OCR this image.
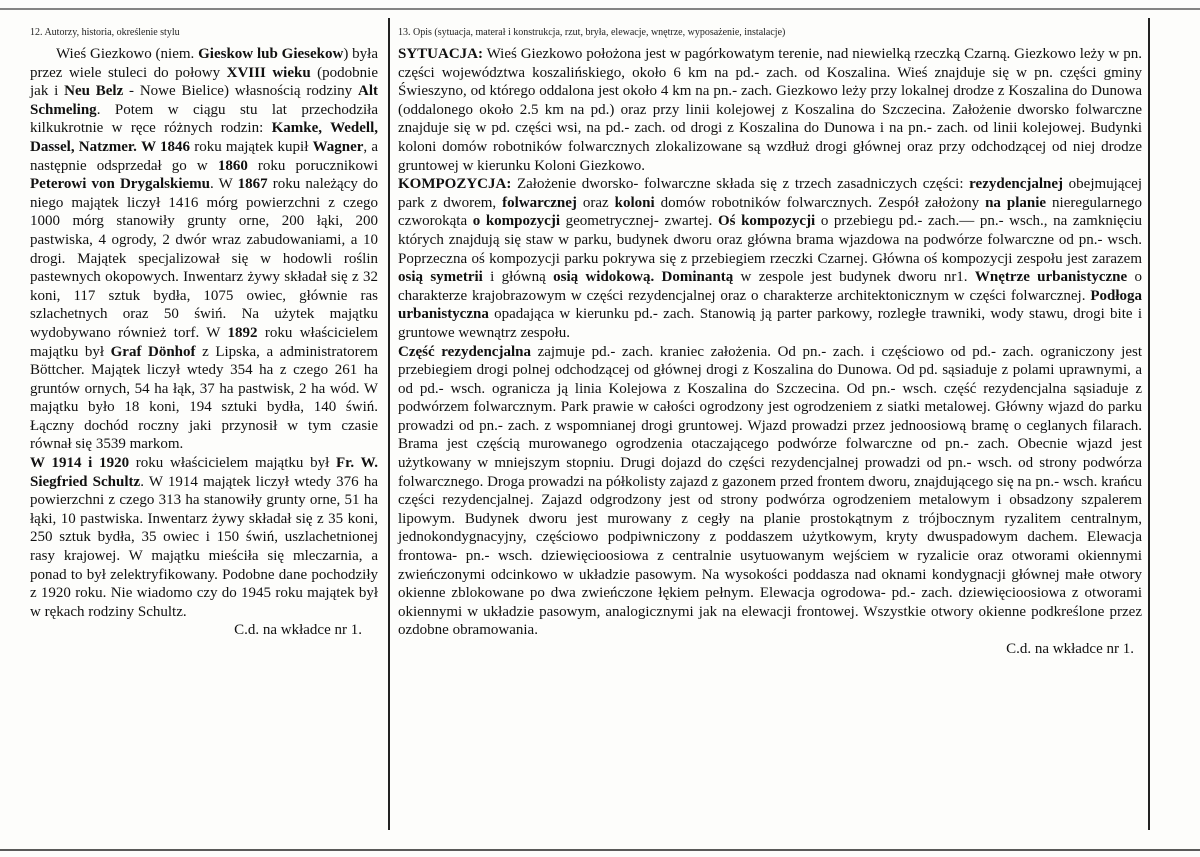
12. Autorzy, historia, określenie stylu	13. Opis (sytuacja, materał i konstrukcja, rzut, bryła, elewacje, wnętrze, wyposażenie, instalacje)

Wieś Giezkowo (niem. Gieskow lub Giesekow) była przez wiele stuleci do połowy XVIII wieku (podobnie jak i Neu Belz - Nowe Bielice) własnością rodziny Alt Schmeling. Potem w ciągu stu lat przechodziła kilkukrotnie w ręce różnych rodzin: Kamke, Wedell, Dassel, Natzmer. W 1846 roku majątek kupił Wagner, a następnie odsprzedał go w 1860 roku porucznikowi Peterowi von Drygalskiemu. W 1867 roku należący do niego majątek liczył 1416 mórg powierzchni z czego 1000 mórg stanowiły grunty orne, 200 łąki, 200 pastwiska, 4 ogrody, 2 dwór wraz zabudowaniami, a 10 drogi. Majątek specjalizował się w hodowli roślin pastewnych okopowych. Inwentarz żywy składał się z 32 koni, 117 sztuk bydła, 1075 owiec, głównie ras szlachetnych oraz 50 świń. Na użytek majątku wydobywano również torf. W 1892 roku właścicielem majątku był Graf Dönhof z Lipska, a administratorem Böttcher. Majątek liczył wtedy 354 ha z czego 261 ha gruntów ornych, 54 ha łąk, 37 ha pastwisk, 2 ha wód. W majątku było 18 koni, 194 sztuki bydła, 140 świń. Łączny dochód roczny jaki przynosił w tym czasie równał się 3539 markom.

W 1914 i 1920 roku właścicielem majątku był Fr. W. Siegfried Schultz. W 1914 majątek liczył wtedy 376 ha powierzchni z czego 313 ha stanowiły grunty orne, 51 ha łąki, 10 pastwiska. Inwentarz żywy składał się z 35 koni, 250 sztuk bydła, 35 owiec i 150 świń, uszlachetnionej rasy krajowej. W majątku mieściła się mleczarnia, a ponad to był zelektryfikowany. Podobne dane pochodziły z 1920 roku. Nie wiadomo czy do 1945 roku majątek był w rękach rodziny Schultz.

C.d. na wkładce nr 1.

SYTUACJA: Wieś Giezkowo położona jest w pagórkowatym terenie, nad niewielką rzeczką Czarną. Giezkowo leży w pn. części województwa koszalińskiego, około 6 km na pd.- zach. od Koszalina. Wieś znajduje się w pn. części gminy Świeszyno, od którego oddalona jest około 4 km na pn.- zach. Giezkowo leży przy lokalnej drodze z Koszalina do Dunowa (oddalonego około 2.5 km na pd.) oraz przy linii kolejowej z Koszalina do Szczecina. Założenie dworsko folwarczne znajduje się w pd. części wsi, na pd.- zach. od drogi z Koszalina do Dunowa i na pn.- zach. od linii kolejowej. Budynki koloni domów robotników folwarcznych zlokalizowane są wzdłuż drogi głównej oraz przy odchodzącej od niej drodze gruntowej w kierunku Koloni Giezkowo.

KOMPOZYCJA: Założenie dworsko- folwarczne składa się z trzech zasadniczych części: rezydencjalnej obejmującej park z dworem, folwarcznej oraz koloni domów robotników folwarcznych. Zespół założony na planie nieregularnego czworokąta o kompozycji geometrycznej- zwartej. Oś kompozycji o przebiegu pd.- zach.— pn.- wsch., na zamknięciu których znajdują się staw w parku, budynek dworu oraz główna brama wjazdowa na podwórze folwarczne od pn.- wsch. Poprzeczna oś kompozycji parku pokrywa się z przebiegiem rzeczki Czarnej. Główna oś kompozycji zespołu jest zarazem osią symetrii i główną osią widokową. Dominantą w zespole jest budynek dworu nr1. Wnętrze urbanistyczne o charakterze krajobrazowym w części rezydencjalnej oraz o charakterze architektonicznym w części folwarcznej. Podłoga urbanistyczna opadająca w kierunku pd.- zach. Stanowią ją parter parkowy, rozległe trawniki, wody stawu, drogi bite i gruntowe wewnątrz zespołu.

Część rezydencjalna zajmuje pd.- zach. kraniec założenia. Od pn.- zach. i częściowo od pd.- zach. ograniczony jest przebiegiem drogi polnej odchodzącej od głównej drogi z Koszalina do Dunowa. Od pd. sąsiaduje z polami uprawnymi, a od pd.- wsch. ogranicza ją linia Kolejowa z Koszalina do Szczecina. Od pn.- wsch. część rezydencjalna sąsiaduje z podwórzem folwarcznym. Park prawie w całości ogrodzony jest ogrodzeniem z siatki metalowej. Główny wjazd do parku prowadzi od pn.- zach. z wspomnianej drogi gruntowej. Wjazd prowadzi przez jednoosiową bramę o ceglanych filarach. Brama jest częścią murowanego ogrodzenia otaczającego podwórze folwarczne od pn.- zach. Obecnie wjazd jest użytkowany w mniejszym stopniu. Drugi dojazd do części rezydencjalnej prowadzi od pn.- wsch. od strony podwórza folwarcznego. Droga prowadzi na półkolisty zajazd z gazonem przed frontem dworu, znajdującego się na pn.- wsch. krańcu części rezydencjalnej. Zajazd odgrodzony jest od strony podwórza ogrodzeniem metalowym i obsadzony szpalerem lipowym. Budynek dworu jest murowany z cegły na planie prostokątnym z trójbocznym ryzalitem centralnym, jednokondygnacyjny, częściowo podpiwniczony z poddaszem użytkowym, kryty dwuspadowym dachem. Elewacja frontowa- pn.- wsch. dziewięcioosiowa z centralnie usytuowanym wejściem w ryzalicie oraz otworami okiennymi zwieńczonymi odcinkowo w układzie pasowym. Na wysokości poddasza nad oknami kondygnacji głównej małe otwory okienne zblokowane po dwa zwieńczone łękiem pełnym. Elewacja ogrodowa- pd.- zach. dziewięcioosiowa z otworami okiennymi w układzie pasowym, analogicznymi jak na elewacji frontowej. Wszystkie otwory okienne podkreślone przez ozdobne obramowania.

C.d. na wkładce nr 1.
